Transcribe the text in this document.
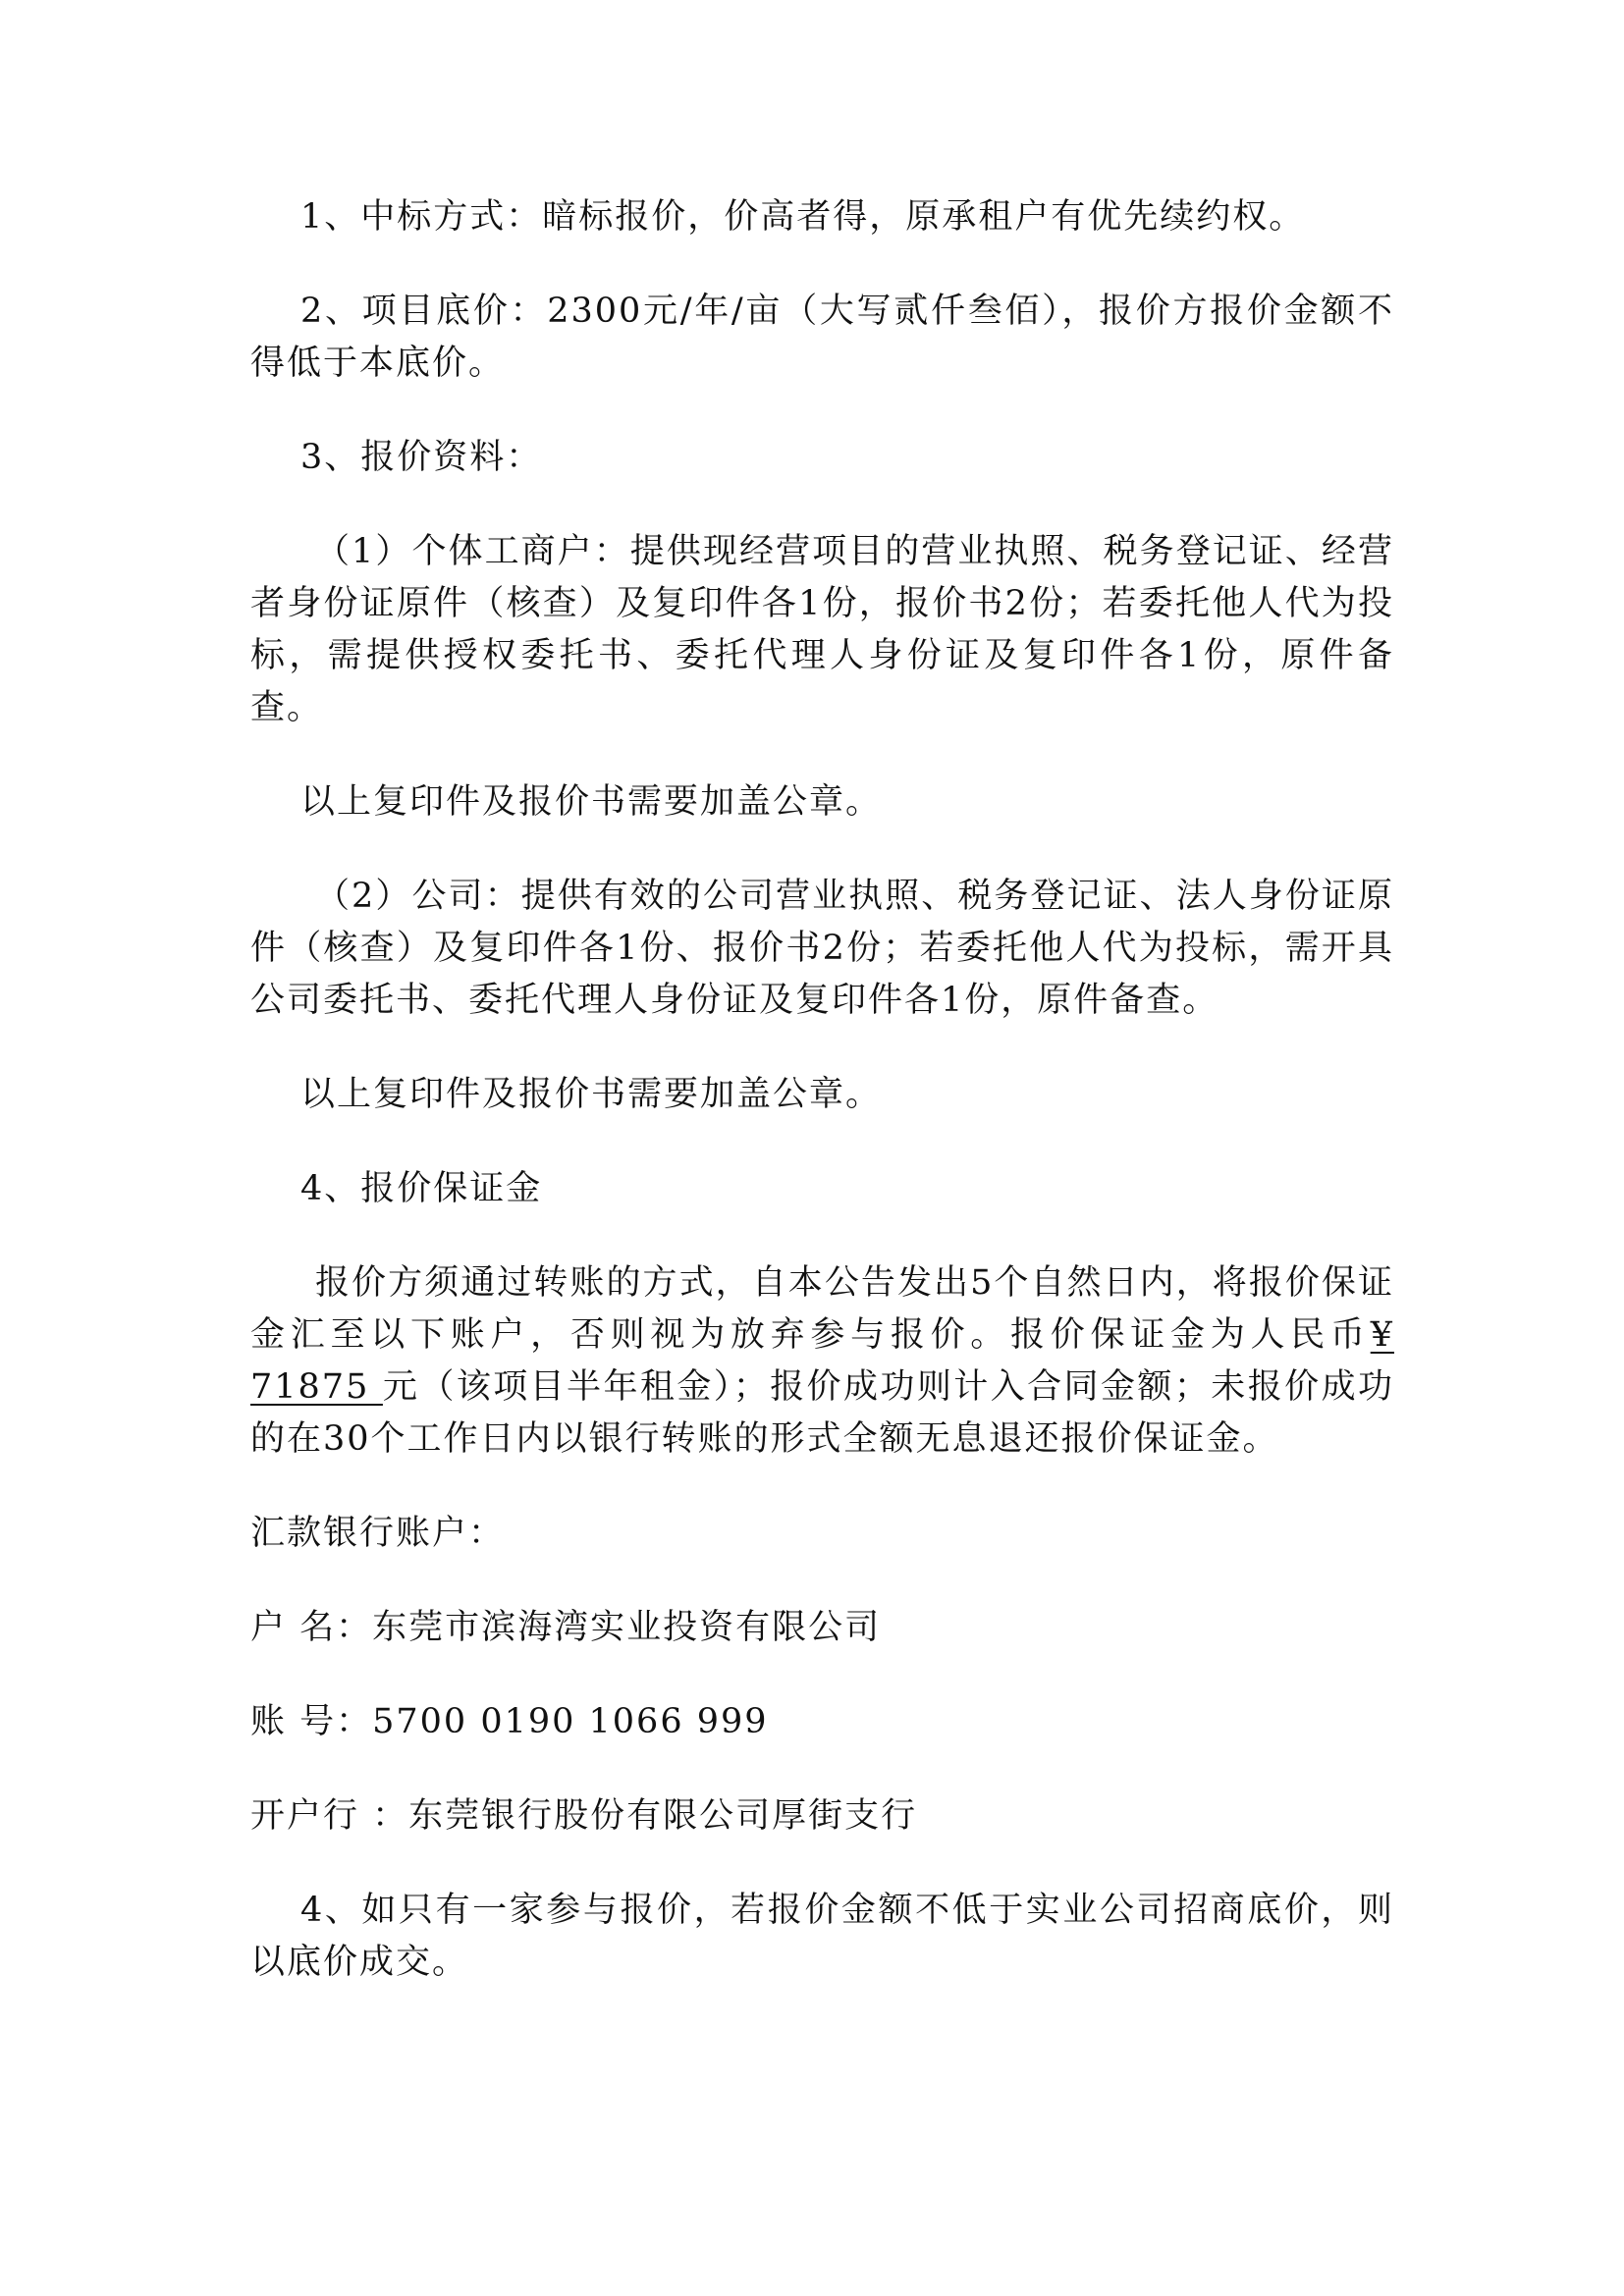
1、中标方式：暗标报价，价高者得，原承租户有优先续约权。

2、项目底价：2300元/年/亩（大写贰仟叁佰），报价方报价金额不得低于本底价。

3、报价资料：

（1）个体工商户：提供现经营项目的营业执照、税务登记证、经营者身份证原件（核查）及复印件各1份，报价书2份；若委托他人代为投标，需提供授权委托书、委托代理人身份证及复印件各1份，原件备查。

以上复印件及报价书需要加盖公章。

（2）公司：提供有效的公司营业执照、税务登记证、法人身份证原件（核查）及复印件各1份、报价书2份；若委托他人代为投标，需开具公司委托书、委托代理人身份证及复印件各1份，原件备查。

以上复印件及报价书需要加盖公章。

4、报价保证金

报价方须通过转账的方式，自本公告发出5个自然日内，将报价保证金汇至以下账户，否则视为放弃参与报价。报价保证金为人民币¥ 71875 元（该项目半年租金）；报价成功则计入合同金额；未报价成功的在30个工作日内以银行转账的形式全额无息退还报价保证金。

汇款银行账户：

户 名：东莞市滨海湾实业投资有限公司

账 号：5700 0190 1066 999

开户行 ：东莞银行股份有限公司厚街支行

4、如只有一家参与报价，若报价金额不低于实业公司招商底价，则以底价成交。
